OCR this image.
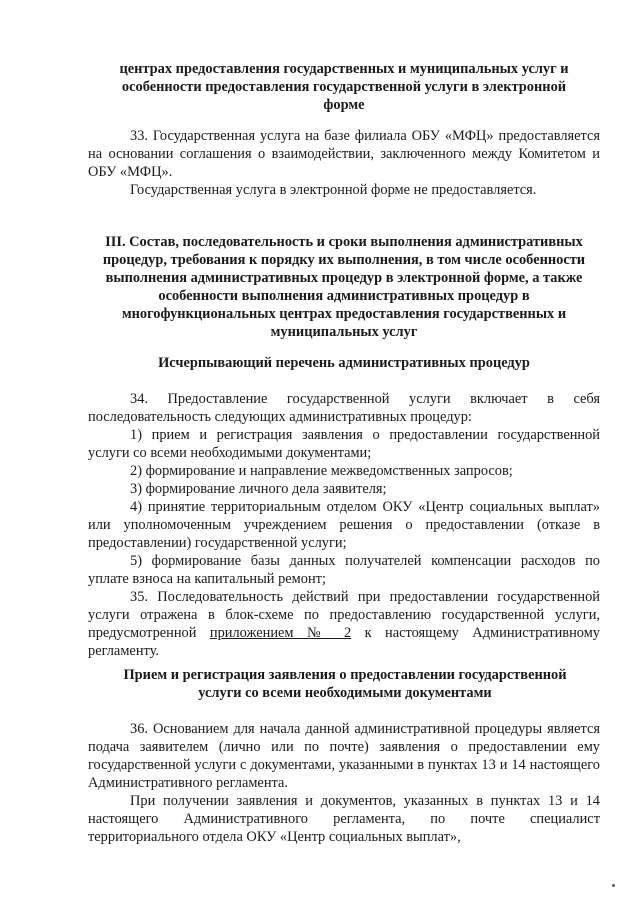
центрах предоставления государственных и муниципальных услуг и особенности предоставления государственной услуги в электронной форме

33. Государственная услуга на базе филиала ОБУ «МФЦ» предоставляется на основании соглашения о взаимодействии, заключенного между Комитетом и ОБУ «МФЦ».

Государственная услуга в электронной форме не предоставляется.

III. Состав, последовательность и сроки выполнения административных процедур, требования к порядку их выполнения, в том числе особенности выполнения административных процедур в электронной форме, а также особенности выполнения административных процедур в многофункциональных центрах предоставления государственных и муниципальных услуг
Исчерпывающий перечень административных процедур

34. Предоставление государственной услуги включает в себя последовательность следующих административных процедур:

1) прием и регистрация заявления о предоставлении государственной услуги со всеми необходимыми документами;

2) формирование и направление межведомственных запросов;

3) формирование личного дела заявителя;

4) принятие территориальным отделом ОКУ «Центр социальных выплат» или уполномоченным учреждением решения о предоставлении (отказе в предоставлении) государственной услуги;

5) формирование базы данных получателей компенсации расходов по уплате взноса на капитальный ремонт;

35. Последовательность действий при предоставлении государственной услуги отражена в блок-схеме по предоставлению государственной услуги, предусмотренной приложением № 2 к настоящему Административному регламенту.

Прием и регистрация заявления о предоставлении государственной услуги со всеми необходимыми документами

36. Основанием для начала данной административной процедуры является подача заявителем (лично или по почте) заявления о предоставлении ему государственной услуги с документами, указанными в пунктах 13 и 14 настоящего Административного регламента.

При получении заявления и документов, указанных в пунктах 13 и 14 настоящего Административного регламента, по почте специалист территориального отдела ОКУ «Центр социальных выплат»,
